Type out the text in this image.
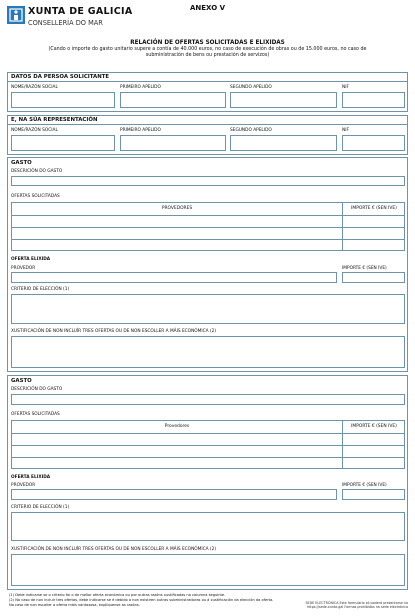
XUNTA DE GALICIA
CONSELLERÍA DO MAR
ANEXO V
RELACIÓN DE OFERTAS SOLICITADAS E ELIXIDAS
(Cando o importe do gasto unitario supere a contía de 40.000 euros, no caso de execución de obras ou de 15.000 euros, no caso de subministración de bens ou prestación de servizos)
DATOS DA PERSOA SOLICITANTE
NOME/RAZÓN SOCIAL	PRIMEIRO APELIDO	SEGUNDO APELIDO	NIF
E, NA SÚA REPRESENTACIÓN
NOME/RAZÓN SOCIAL	PRIMEIRO APELIDO	SEGUNDO APELIDO	NIF
GASTO
DESCRICIÓN DO GASTO
OFERTAS SOLICITADAS
PROVEDORES	IMPORTE € (SEN IVE)
OFERTA ELIXIDA
PROVEDOR	IMPORTE € (SEN IVE)
CRITERIO DE ELECCIÓN (1)
XUSTIFICACIÓN DE NON INCLUÍR TRES OFERTAS OU DE NON ESCOLLER A MÁIS ECONÓMICA (2)
GASTO
DESCRICIÓN DO GASTO
OFERTAS SOLICITADAS
Provedores	IMPORTE € (SEN IVE)
OFERTA ELIXIDA
PROVEDOR	IMPORTE € (SEN IVE)
CRITERIO DE ELECCIÓN (1)
XUSTIFICACIÓN DE NON INCLUÍR TRES OFERTAS OU DE NON ESCOLLER A MÁIS ECONÓMICA (2)
(1) Debe indicarse se o criterio foi o de mellor oferta económica ou por outras razóns xustificadas na columna seguinte.
(2) No caso de non incluír tres ofertas, debe indicarse se é debido a non existiren outras subministradoras ou á xustificación da elección da oferta. No caso de non escoller a oferta máis vantaxosa, explíquense as razóns.	SEDE ELECTRÓNICA Este formulario só poderá presentarse na
https://sede.xunta.gal Formas prohibidas na sede electrónica
